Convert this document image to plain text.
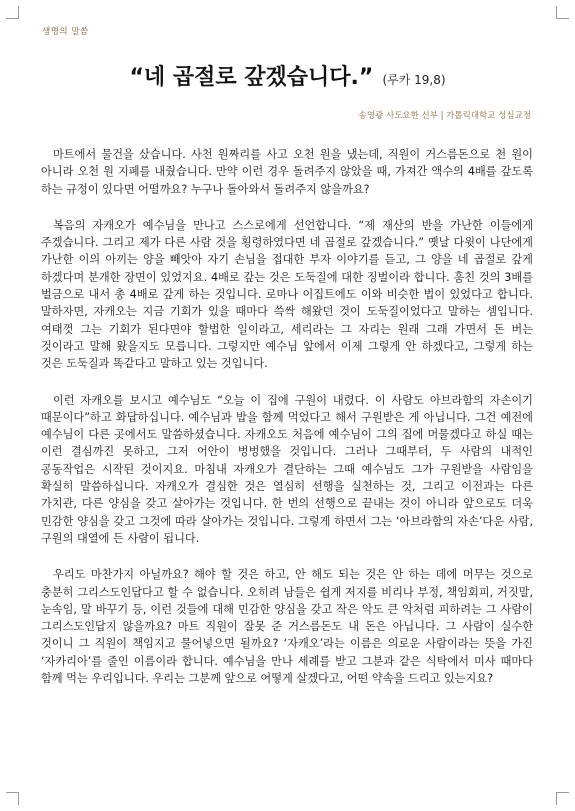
생명의 말씀
“네 곱절로 갚겠습니다.” (루카 19,8)
송영광 사도요한 신부 | 가톨릭대학교 성심교정

마트에서 물건을 샀습니다. 사천 원짜리를 사고 오천 원을 냈는데, 직원이 거스름돈으로 천 원이 아니라 오천 원 지폐를 내줬습니다. 만약 이런 경우 돌려주지 않았을 때, 가져간 액수의 4배를 갚도록 하는 규정이 있다면 어떨까요? 누구나 돌아와서 돌려주지 않을까요?

복음의 자캐오가 예수님을 만나고 스스로에게 선언합니다. “제 재산의 반을 가난한 이들에게 주겠습니다. 그리고 제가 다른 사람 것을 횡령하였다면 네 곱절로 갚겠습니다.” 옛날 다윗이 나단에게 가난한 이의 아끼는 양을 빼앗아 자기 손님을 접대한 부자 이야기를 듣고, 그 양을 네 곱절로 갚게 하겠다며 분개한 장면이 있었지요. 4배로 갚는 것은 도둑질에 대한 징벌이라 합니다. 훔친 것의 3배를 벌금으로 내서 총 4배로 갚게 하는 것입니다. 로마나 이집트에도 이와 비슷한 법이 있었다고 합니다. 말하자면, 자캐오는 지금 기회가 있을 때마다 쓱싹 해왔던 것이 도둑질이었다고 말하는 셈입니다. 여태껏 그는 기회가 된다면야 할법한 일이라고, 세리라는 그 자리는 원래 그래 가면서 돈 버는 것이라고 말해 왔을지도 모릅니다. 그렇지만 예수님 앞에서 이제 그렇게 안 하겠다고, 그렇게 하는 것은 도둑질과 똑같다고 말하고 있는 것입니다.

이런 자캐오를 보시고 예수님도 “오늘 이 집에 구원이 내렸다. 이 사람도 아브라함의 자손이기 때문이다”하고 화답하십니다. 예수님과 밥을 함께 먹었다고 해서 구원받은 게 아닙니다. 그건 예전에 예수님이 다른 곳에서도 말씀하셨습니다. 자캐오도 처음에 예수님이 그의 집에 머물겠다고 하실 때는 이런 결심까진 못하고, 그저 어안이 벙벙했을 것입니다. 그러나 그때부터, 두 사람의 내적인 공동작업은 시작된 것이지요. 마침내 자캐오가 결단하는 그때 예수님도 그가 구원받을 사람임을 확실히 말씀하십니다. 자캐오가 결심한 것은 열심히 선행을 실천하는 것, 그리고 이전과는 다른 가치관, 다른 양심을 갖고 살아가는 것입니다. 한 번의 선행으로 끝내는 것이 아니라 앞으로도 더욱 민감한 양심을 갖고 그것에 따라 살아가는 것입니다. 그렇게 하면서 그는 ‘아브라함의 자손’다운 사람, 구원의 대열에 든 사람이 됩니다.

우리도 마찬가지 아닐까요? 해야 할 것은 하고, 안 해도 되는 것은 안 하는 데에 머무는 것으로 충분히 그리스도인답다고 할 수 없습니다. 오히려 남들은 쉽게 저지를 비리나 부정, 책임회피, 거짓말, 눈속임, 말 바꾸기 등, 이런 것들에 대해 민감한 양심을 갖고 작은 악도 큰 악처럼 피하려는 그 사람이 그리스도인답지 않을까요? 마트 직원이 잘못 준 거스름돈도 내 돈은 아닙니다. 그 사람이 실수한 것이니 그 직원이 책임지고 물어넣으면 될까요? ‘자캐오’라는 이름은 의로운 사람이라는 뜻을 가진 ‘자카리아’를 줄인 이름이라 합니다. 예수님을 만나 세례를 받고 그분과 같은 식탁에서 미사 때마다 함께 먹는 우리입니다. 우리는 그분께 앞으로 어떻게 살겠다고, 어떤 약속을 드리고 있는지요?
